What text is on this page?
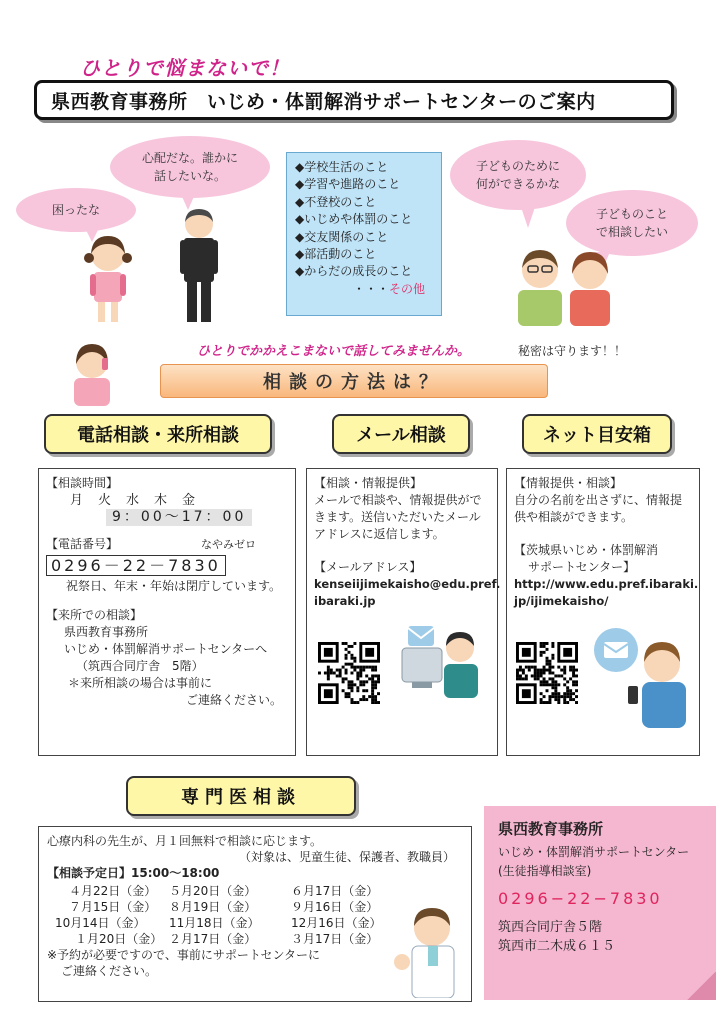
ひとりで悩まないで！
県西教育事務所　いじめ・体罰解消サポートセンターのご案内
困ったな
心配だな。誰かに
話したいな。
子どものために
何ができるかな
子どものこと
で相談したい
◆学校生活のこと
◆学習や進路のこと
◆不登校のこと
◆いじめや体罰のこと
◆交友関係のこと
◆部活動のこと
◆からだの成長のこと
・・・その他
ひとりでかかえこまないで話してみませんか。	秘密は守ります！！
相談の方法は？
電話相談・来所相談	メール相談	ネット目安箱
【相談時間】
月　火　水　木　金
9：00～17：00
【電話番号】	なやみゼロ
0296－22－7830
祝祭日、年末・年始は閉庁しています。
【来所での相談】
県西教育事務所
いじめ・体罰解消サポートセンターへ
（筑西合同庁舎　5階）
＊来所相談の場合は事前に
ご連絡ください。
【相談・情報提供】
メールで相談や、情報提供がで
きます。送信いただいたメール
アドレスに返信します。
【メールアドレス】
kenseiijimekaisho@edu.pref.
ibaraki.jp
【情報提供・相談】
自分の名前を出さずに、情報提
供や相談ができます。
【茨城県いじめ・体罰解消
サポートセンター】
http://www.edu.pref.ibaraki.
jp/ijimekaisho/
専門医相談
心療内科の先生が、月１回無料で相談に応じます。
（対象は、児童生徒、保護者、教職員）
【相談予定日】15:00～18:00
４月22日（金）	５月20日（金）	６月17日（金）
７月15日（金）	８月19日（金）	９月16日（金）
10月14日（金）	11月18日（金）	12月16日（金）
１月20日（金） ２月17日（金）	３月17日（金）
※予約が必要ですので、事前にサポートセンターに
ご連絡ください。
県西教育事務所
いじめ・体罰解消サポートセンター
(生徒指導相談室)
0296−22−7830
筑西合同庁舎５階
筑西市二木成６１５
